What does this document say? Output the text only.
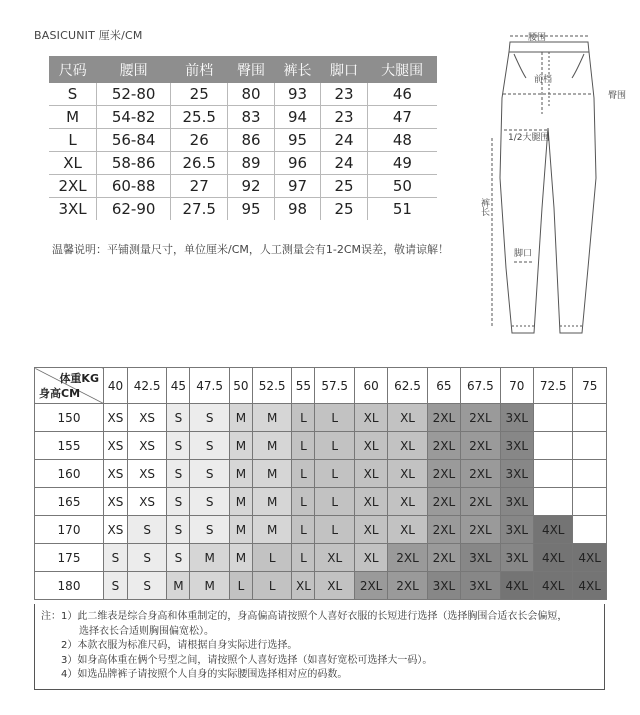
BASICUNIT 厘米/CM
尺码	腰围	前档	臀围	裤长	脚口	大腿围
S	52-80	25	80	93	23	46
M	54-82	25.5	83	94	23	47
L	56-84	26	86	95	24	48
XL	58-86	26.5	89	96	24	49
2XL	60-88	27	92	97	25	50
3XL	62-90	27.5	95	98	25	51
温馨说明：平铺测量尺寸，单位厘米/CM，人工测量会有1-2CM误差，敬请谅解！
腰围
前档
臀围
1/2大腿围
裤长
脚口
体重KG
身高CM	40	42.5	45	47.5	50	52.5	55	57.5	60	62.5	65	67.5	70	72.5	75
150	XS	XS	S	S	M	M	L	L	XL	XL	2XL	2XL	3XL		
155	XS	XS	S	S	M	M	L	L	XL	XL	2XL	2XL	3XL		
160	XS	XS	S	S	M	M	L	L	XL	XL	2XL	2XL	3XL		
165	XS	XS	S	S	M	M	L	L	XL	XL	2XL	2XL	3XL		
170	XS	S	S	S	M	M	L	L	XL	XL	2XL	2XL	3XL	4XL	
175	S	S	S	M	M	L	L	XL	XL	2XL	2XL	3XL	3XL	4XL	4XL
180	S	S	M	M	L	L	XL	XL	2XL	2XL	3XL	3XL	4XL	4XL	4XL
注：1）此二维表是综合身高和体重制定的，身高偏高请按照个人喜好衣服的长短进行选择（选择胸围合适衣长会偏短，
选择衣长合适则胸围偏宽松）。
2）本款衣服为标准尺码，请根据自身实际进行选择。
3）如身高体重在俩个号型之间，请按照个人喜好选择（如喜好宽松可选择大一码）。
4）如选品牌裤子请按照个人自身的实际腰围选择相对应的码数。
